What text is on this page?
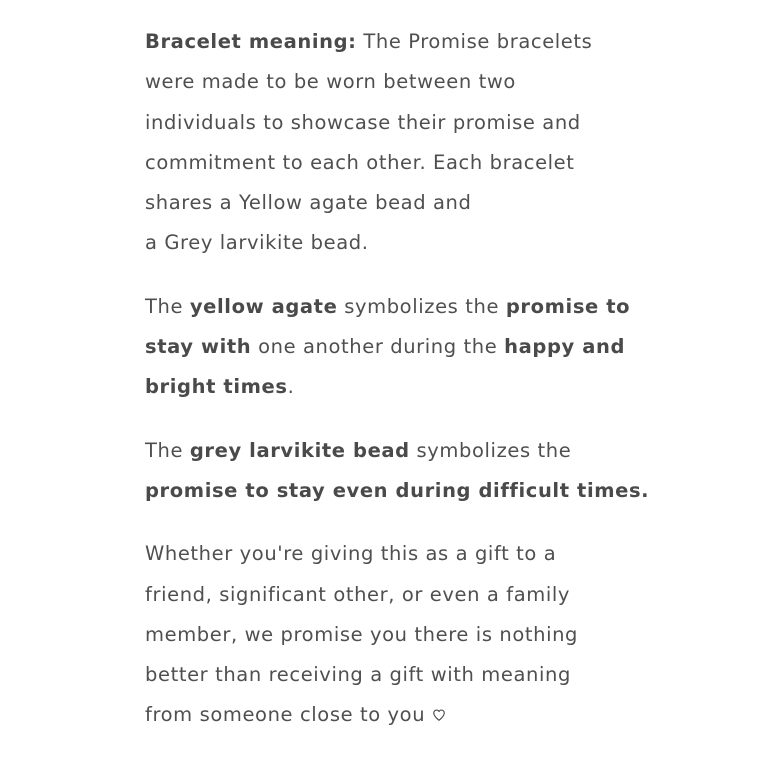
Bracelet meaning: The Promise bracelets
were made to be worn between two
individuals to showcase their promise and
commitment to each other. Each bracelet
shares a Yellow agate bead and
a Grey larvikite bead.

The yellow agate symbolizes the promise to
stay with one another during the happy and
bright times.

The grey larvikite bead symbolizes the
promise to stay even during difficult times.

Whether you're giving this as a gift to a
friend, significant other, or even a family
member, we promise you there is nothing
better than receiving a gift with meaning
from someone close to you
